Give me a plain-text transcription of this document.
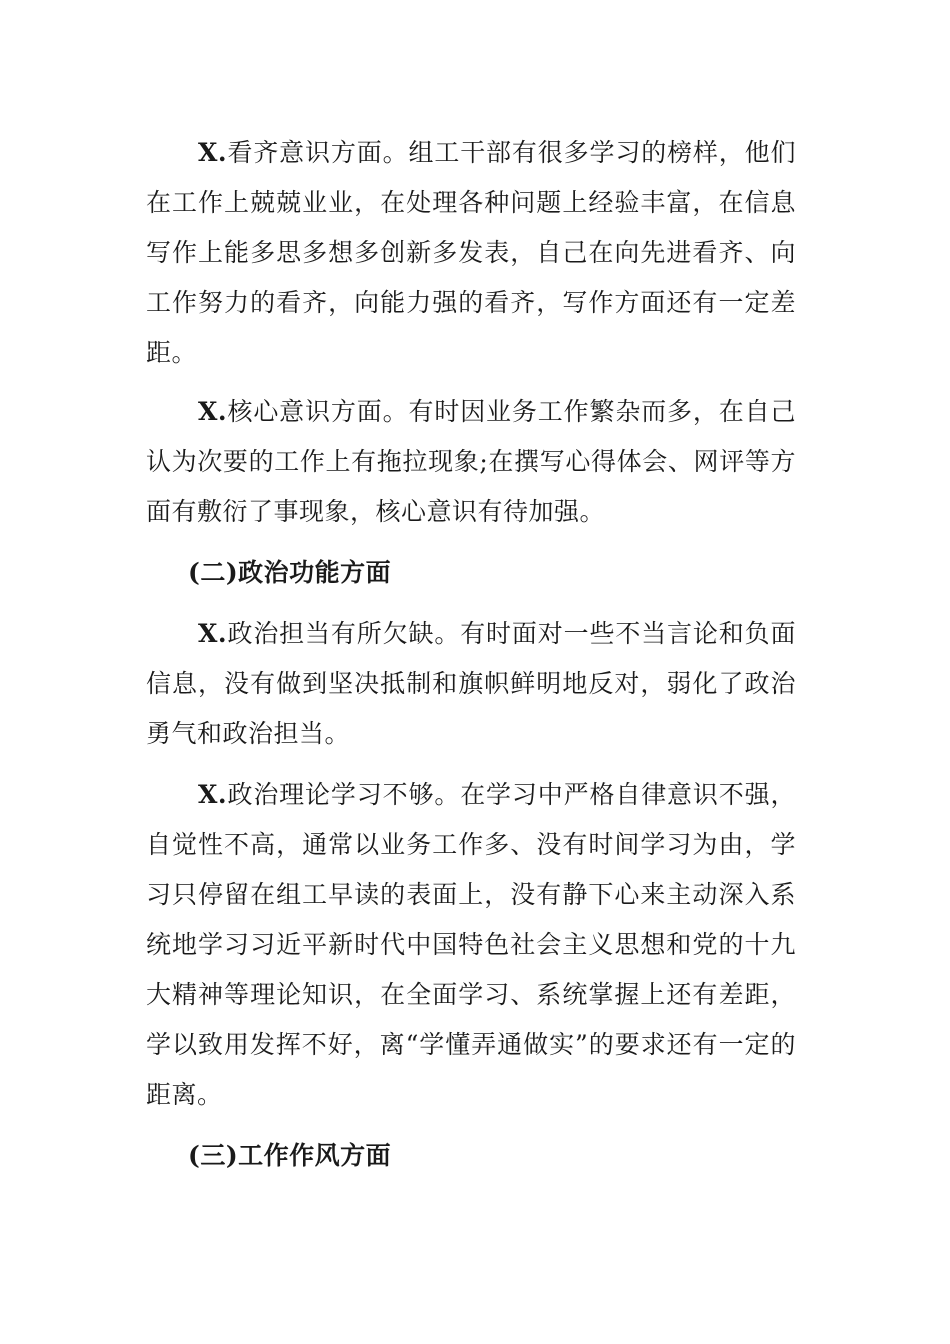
X.看齐意识方面。组工干部有很多学习的榜样，他们在工作上兢兢业业，在处理各种问题上经验丰富，在信息写作上能多思多想多创新多发表，自己在向先进看齐、向工作努力的看齐，向能力强的看齐，写作方面还有一定差距。

X.核心意识方面。有时因业务工作繁杂而多，在自己认为次要的工作上有拖拉现象;在撰写心得体会、网评等方面有敷衍了事现象，核心意识有待加强。

(二)政治功能方面

X.政治担当有所欠缺。有时面对一些不当言论和负面信息，没有做到坚决抵制和旗帜鲜明地反对，弱化了政治勇气和政治担当。

X.政治理论学习不够。在学习中严格自律意识不强，自觉性不高，通常以业务工作多、没有时间学习为由，学习只停留在组工早读的表面上，没有静下心来主动深入系统地学习习近平新时代中国特色社会主义思想和党的十九大精神等理论知识，在全面学习、系统掌握上还有差距，学以致用发挥不好，离“学懂弄通做实”的要求还有一定的距离。

(三)工作作风方面
